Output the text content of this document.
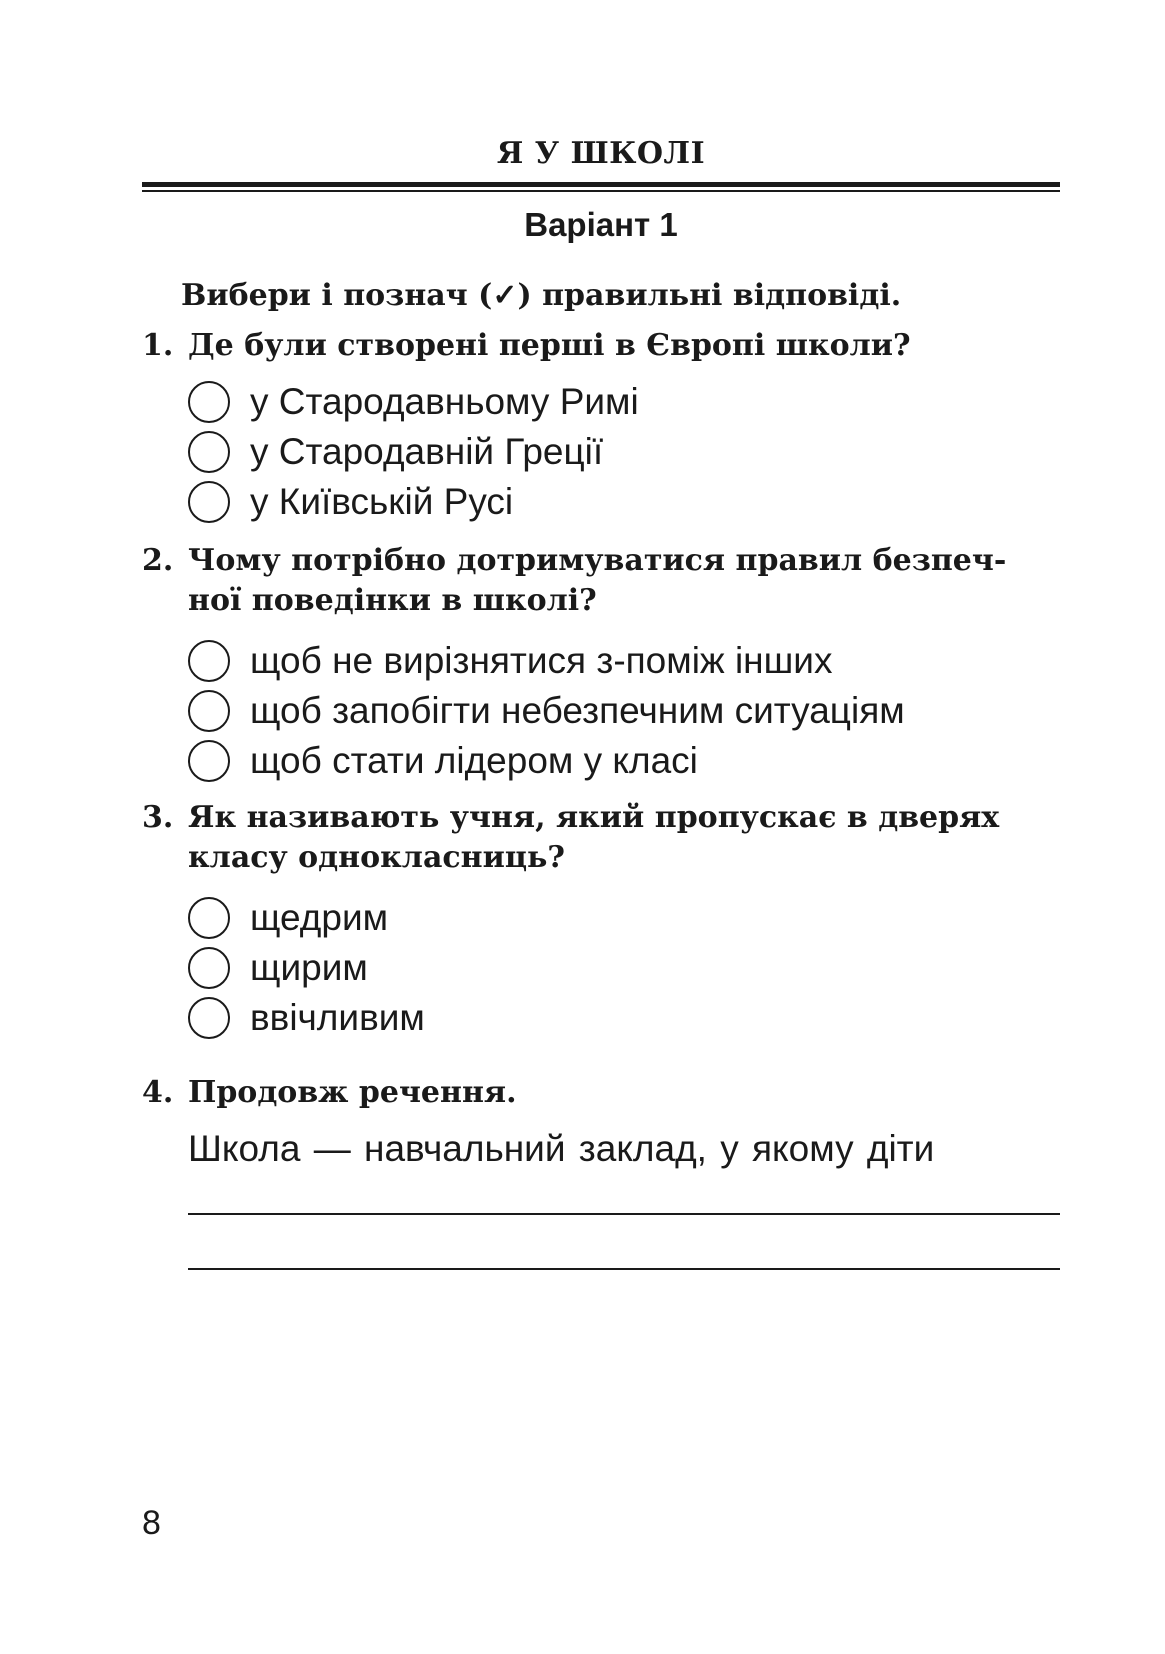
Я У ШКОЛІ
Варіант 1
Вибери і познач (✓) правильні відповіді.
1. Де були створені перші в Європі школи?
у Стародавньому Римі
у Стародавній Греції
у Київській Русі
2. Чому потрібно дотримуватися правил безпеч-
ної поведінки в школі?
щоб не вирізнятися з-поміж інших
щоб запобігти небезпечним ситуаціям
щоб стати лідером у класі
3. Як називають учня, який пропускає в дверях
класу однокласниць?
щедрим
щирим
ввічливим
4. Продовж речення.
Школа — навчальний заклад, у якому діти
8
